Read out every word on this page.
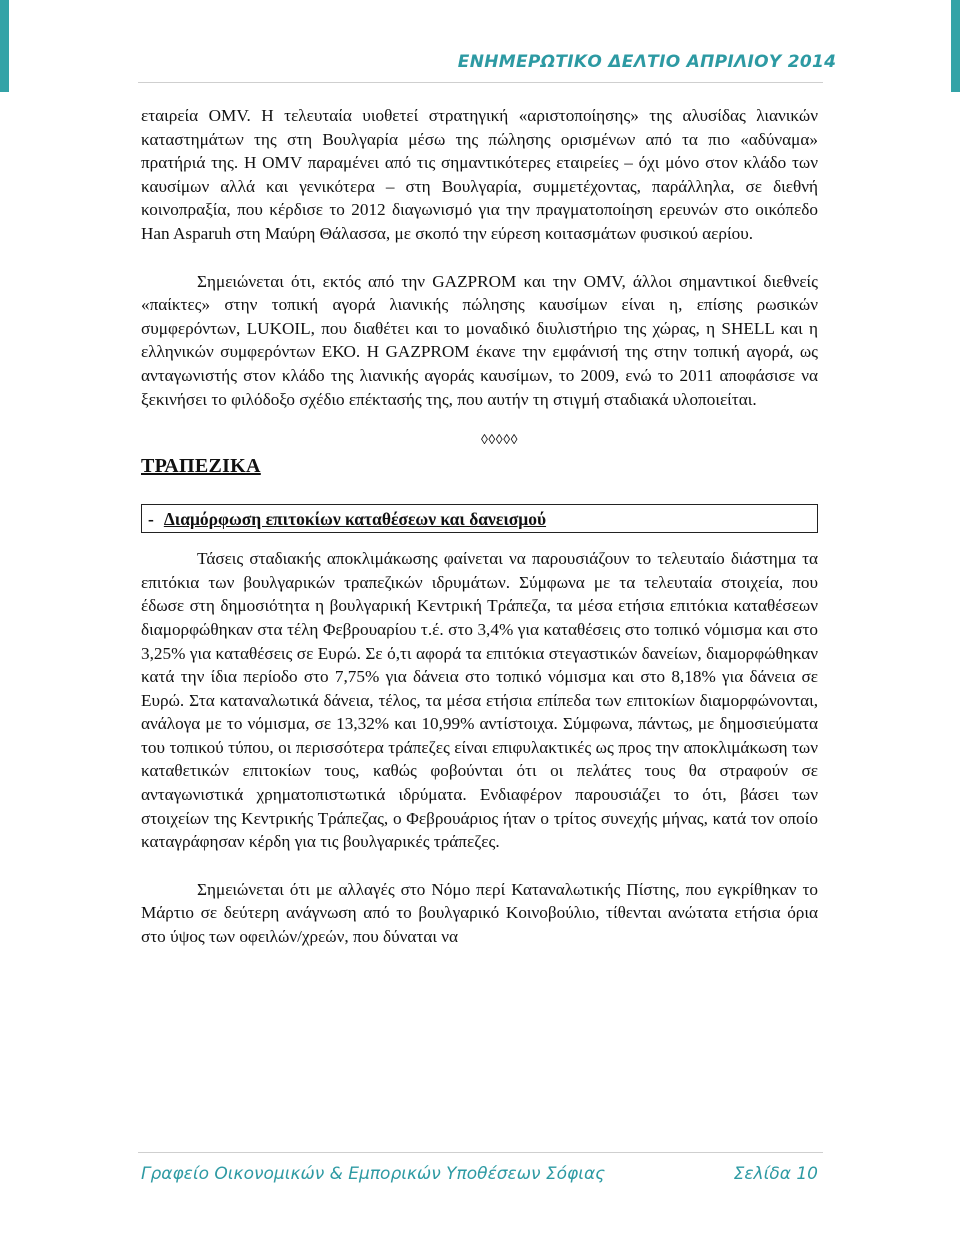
ΕΝΗΜΕΡΩΤΙΚΟ ΔΕΛΤΙΟ ΑΠΡΙΛΙΟΥ 2014

εταιρεία OMV. Η τελευταία υιοθετεί στρατηγική «αριστοποίησης» της αλυσίδας λιανικών καταστημάτων της στη Βουλγαρία μέσω της πώλησης ορισμένων από τα πιο «αδύναμα» πρατήριά της. Η OMV παραμένει από τις σημαντικότερες εταιρείες – όχι μόνο στον κλάδο των καυσίμων αλλά και γενικότερα – στη Βουλγαρία, συμμετέχοντας, παράλληλα, σε διεθνή κοινοπραξία, που κέρδισε το 2012 διαγωνισμό για την πραγματοποίηση ερευνών στο οικόπεδο Han Asparuh στη Μαύρη Θάλασσα, με σκοπό την εύρεση κοιτασμάτων φυσικού αερίου.

Σημειώνεται ότι, εκτός από την GAZPROM και την OMV, άλλοι σημαντικοί διεθνείς «παίκτες» στην τοπική αγορά λιανικής πώλησης καυσίμων είναι η, επίσης ρωσικών συμφερόντων, LUKOIL, που διαθέτει και το μοναδικό διυλιστήριο της χώρας, η SHELL και η ελληνικών συμφερόντων ΕΚΟ. Η GAZPROM έκανε την εμφάνισή της στην τοπική αγορά, ως ανταγωνιστής στον κλάδο της λιανικής αγοράς καυσίμων, το 2009, ενώ το 2011 αποφάσισε να ξεκινήσει το φιλόδοξο σχέδιο επέκτασής της, που αυτήν τη στιγμή σταδιακά υλοποιείται.

◊◊◊◊◊
ΤΡΑΠΕΖΙΚΑ
- Διαμόρφωση επιτοκίων καταθέσεων και δανεισμού

Τάσεις σταδιακής αποκλιμάκωσης φαίνεται να παρουσιάζουν το τελευταίο διάστημα τα επιτόκια των βουλγαρικών τραπεζικών ιδρυμάτων. Σύμφωνα με τα τελευταία στοιχεία, που έδωσε στη δημοσιότητα η βουλγαρική Κεντρική Τράπεζα, τα μέσα ετήσια επιτόκια καταθέσεων διαμορφώθηκαν στα τέλη Φεβρουαρίου τ.έ. στο 3,4% για καταθέσεις στο τοπικό νόμισμα και στο 3,25% για καταθέσεις σε Ευρώ. Σε ό,τι αφορά τα επιτόκια στεγαστικών δανείων, διαμορφώθηκαν κατά την ίδια περίοδο στο 7,75% για δάνεια στο τοπικό νόμισμα και στο 8,18% για δάνεια σε Ευρώ. Στα καταναλωτικά δάνεια, τέλος, τα μέσα ετήσια επίπεδα των επιτοκίων διαμορφώνονται, ανάλογα με το νόμισμα, σε 13,32% και 10,99% αντίστοιχα. Σύμφωνα, πάντως, με δημοσιεύματα του τοπικού τύπου, οι περισσότερα τράπεζες είναι επιφυλακτικές ως προς την αποκλιμάκωση των καταθετικών επιτοκίων τους, καθώς φοβούνται ότι οι πελάτες τους θα στραφούν σε ανταγωνιστικά χρηματοπιστωτικά ιδρύματα. Ενδιαφέρον παρουσιάζει το ότι, βάσει των στοιχείων της Κεντρικής Τράπεζας, ο Φεβρουάριος ήταν ο τρίτος συνεχής μήνας, κατά τον οποίο καταγράφησαν κέρδη για τις βουλγαρικές τράπεζες.

Σημειώνεται ότι με αλλαγές στο Νόμο περί Καταναλωτικής Πίστης, που εγκρίθηκαν το Μάρτιο σε δεύτερη ανάγνωση από το βουλγαρικό Κοινοβούλιο, τίθενται ανώτατα ετήσια όρια στο ύψος των οφειλών/χρεών, που δύναται να

Γραφείο Οικονομικών & Εμπορικών Υποθέσεων Σόφιας	Σελίδα 10
